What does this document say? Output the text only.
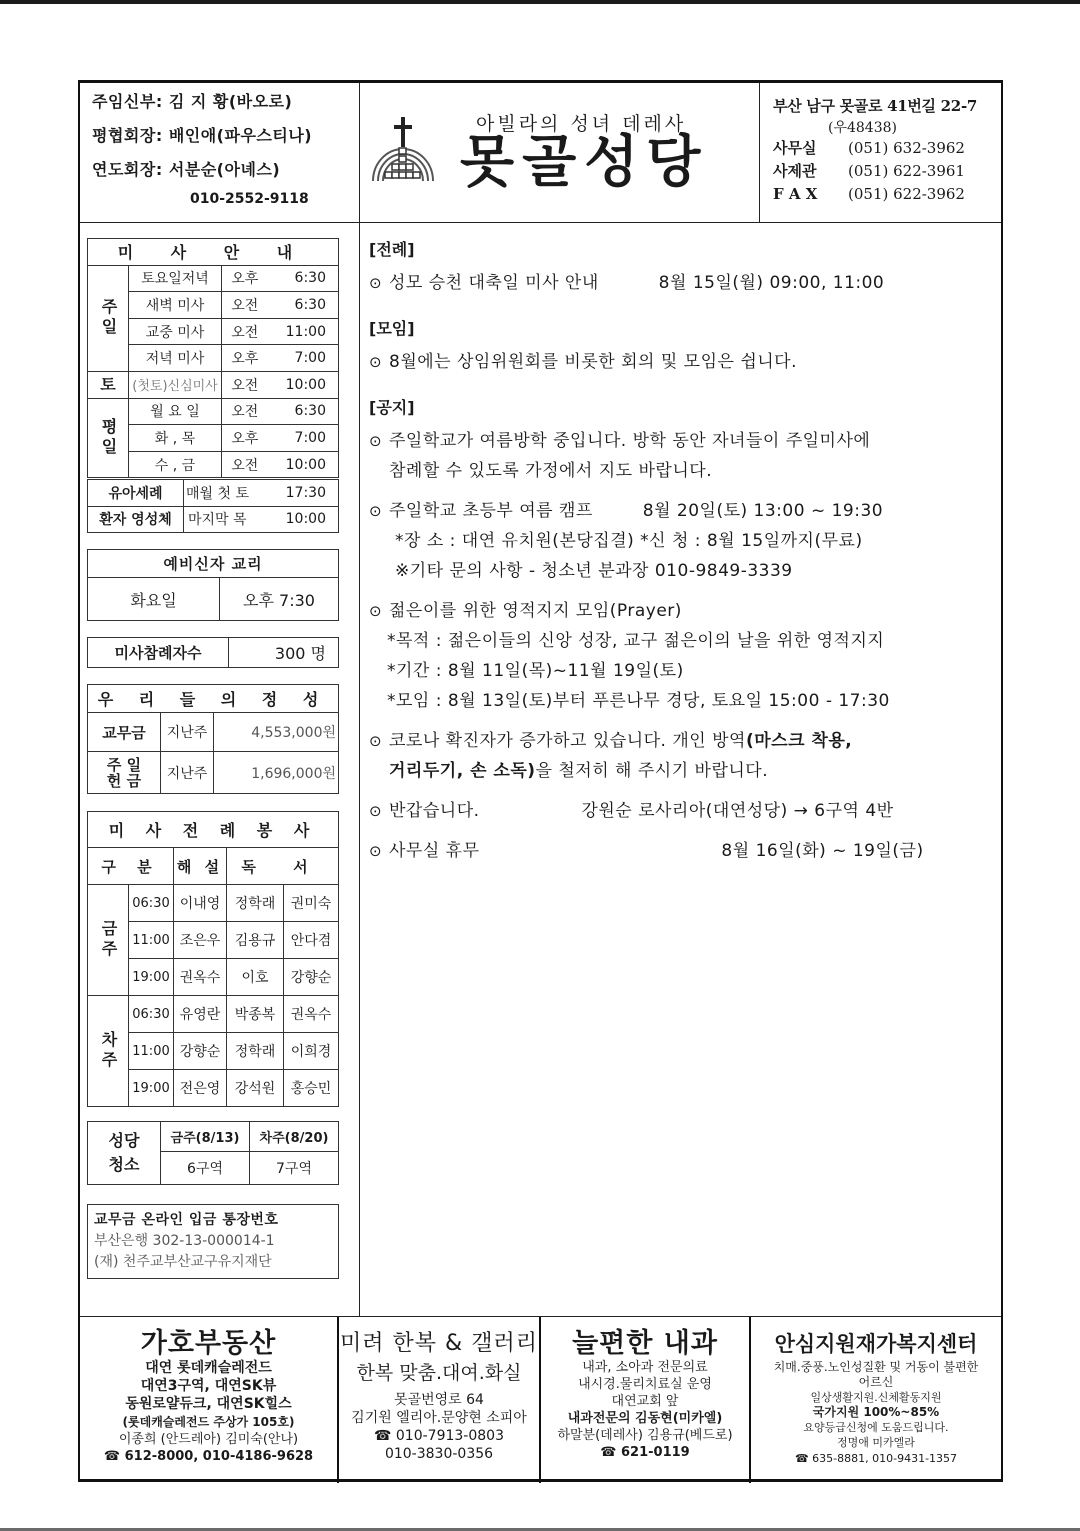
주임신부: 김 지 황(바오로)
평협회장: 배인애(파우스티나)
연도회장: 서분순(아녜스)
010-2552-9118
아빌라의 성녀 데레사
못골성당
부산 남구 못골로 41번길 22-7
(우48438)
사무실 (051) 632-3962
사제관 (051) 622-3961
F A X (051) 622-3962
미 사 안 내			
주일	토요일저녁	오후	6:30
	새벽 미사	오전	6:30
	교중 미사	오전	11:00
	저녁 미사	오후	7:00
토	(첫토)신심미사	오전	10:00
평일	월 요 일	오전	6:30
	화 , 목	오후	7:00
	수 , 금	오전	10:00
유아세례	매월 첫 토	17:30
환자 영성체	마지막 목	10:00
예비신자 교리
화요일	오후 7:30
미사참례자수	300 명
우 리 들 의 정 성		
교무금	지난주	4,553,000원
주 일 헌 금	지난주	1,696,000원
미 사 전 례 봉 사				
구 분		해 설	독 서	
금주	06:30	이내영	정학래	권미숙
	11:00	조은우	김용규	안다겸
	19:00	권옥수	이호	강향순
차주	06:30	유영란	박종복	권옥수
	11:00	강향순	정학래	이희경
	19:00	전은영	강석원	홍승민
성당 청소	금주(8/13)	차주(8/20)
	6구역	7구역
교무금 온라인 입금 통장번호
부산은행 302-13-000014-1
(재) 천주교부산교구유지재단
[전례]
⊙ 성모 승천 대축일 미사 안내	8월 15일(월) 09:00, 11:00
[모임]
⊙ 8월에는 상임위원회를 비롯한 회의 및 모임은 쉽니다.
[공지]
⊙ 주일학교가 여름방학 중입니다. 방학 동안 자녀들이 주일미사에
참례할 수 있도록 가정에서 지도 바랍니다.
⊙ 주일학교 초등부 여름 캠프	8월 20일(토) 13:00 ~ 19:30
*장 소 : 대연 유치원(본당집결) *신 청 : 8월 15일까지(무료)
※기타 문의 사항 - 청소년 분과장 010-9849-3339
⊙ 젊은이를 위한 영적지지 모임(Prayer)
*목적 : 젊은이들의 신앙 성장, 교구 젊은이의 날을 위한 영적지지
*기간 : 8월 11일(목)~11월 19일(토)
*모임 : 8월 13일(토)부터 푸른나무 경당, 토요일 15:00 - 17:30
⊙ 코로나 확진자가 증가하고 있습니다. 개인 방역(마스크 착용,
거리두기, 손 소독)을 철저히 해 주시기 바랍니다.
⊙ 반갑습니다.	강원순 로사리아(대연성당) → 6구역 4반
⊙ 사무실 휴무	8월 16일(화) ~ 19일(금)
가호부동산
대연 롯데캐슬레전드
대연3구역, 대연SK뷰
동원로얄듀크, 대연SK힐스
(롯데캐슬레전드 주상가 105호)
이종희 (안드레아) 김미숙(안나)
☎ 612-8000, 010-4186-9628
미려 한복 & 갤러리
한복 맞춤.대여.화실
못골번영로 64
김기원 엘리아.문양현 소피아
☎ 010-7913-0803
010-3830-0356
늘편한 내과
내과, 소아과 전문의료
내시경.물리치료실 운영
대연교회 앞
내과전문의 김동현(미카엘)
하말분(데레사) 김용규(베드로)
☎ 621-0119
안심지원재가복지센터
치매.중풍.노인성질환 및 거동이 불편한
어르신
일상생활지원.신체활동지원
국가지원 100%~85%
요양등급신청에 도움드립니다.
정명애 미카엘라
☎ 635-8881, 010-9431-1357
